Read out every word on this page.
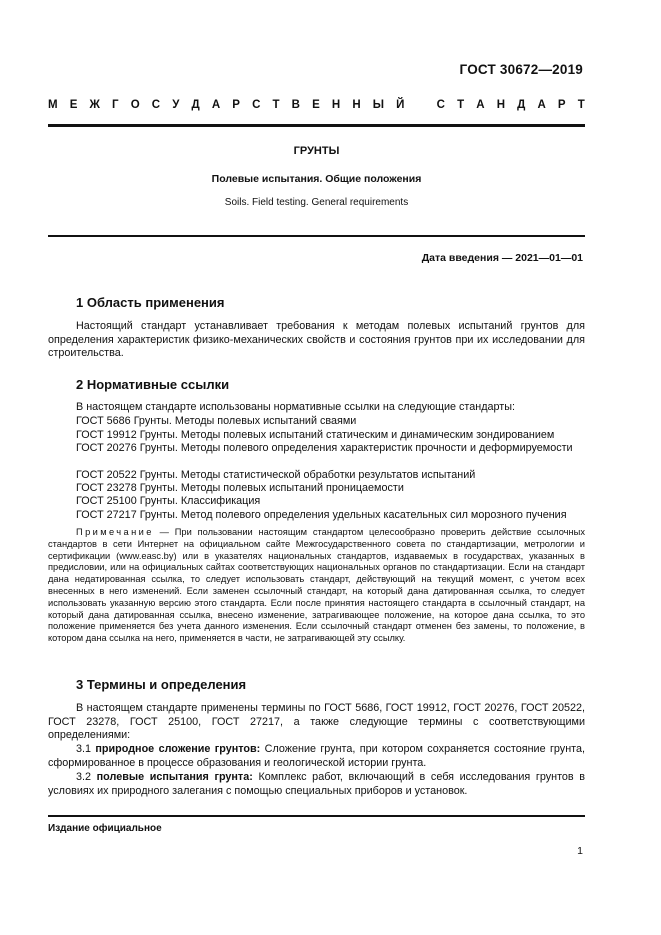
ГОСТ 30672—2019
М Е Ж Г О С У Д А Р С Т В Е Н Н Ы Й	С Т А Н Д А Р Т
ГРУНТЫ
Полевые испытания. Общие положения
Soils. Field testing. General requirements
Дата введения — 2021—01—01
1 Область применения
Настоящий стандарт устанавливает требования к методам полевых испытаний грунтов для определения характеристик физико-механических свойств и состояния грунтов при их исследовании для строительства.
2 Нормативные ссылки
В настоящем стандарте использованы нормативные ссылки на следующие стандарты:
ГОСТ 5686 Грунты. Методы полевых испытаний сваями
ГОСТ 19912 Грунты. Методы полевых испытаний статическим и динамическим зондированием
ГОСТ 20276 Грунты. Методы полевого определения характеристик прочности и деформируемости
ГОСТ 20522 Грунты. Методы статистической обработки результатов испытаний
ГОСТ 23278 Грунты. Методы полевых испытаний проницаемости
ГОСТ 25100 Грунты. Классификация
ГОСТ 27217 Грунты. Метод полевого определения удельных касательных сил морозного пучения
Примечание — При пользовании настоящим стандартом целесообразно проверить действие ссылочных стандартов в сети Интернет на официальном сайте Межгосударственного совета по стандартизации, метрологии и сертификации (www.easc.by) или в указателях национальных стандартов, издаваемых в государствах, указанных в предисловии, или на официальных сайтах соответствующих национальных органов по стандартизации. Если на стандарт дана недатированная ссылка, то следует использовать стандарт, действующий на текущий момент, с учетом всех внесенных в него изменений. Если заменен ссылочный стандарт, на который дана датированная ссылка, то следует использовать указанную версию этого стандарта. Если после принятия настоящего стандарта в ссылочный стандарт, на который дана датированная ссылка, внесено изменение, затрагивающее положение, на которое дана ссылка, то это положение применяется без учета данного изменения. Если ссылочный стандарт отменен без замены, то положение, в котором дана ссылка на него, применяется в части, не затрагивающей эту ссылку.
3 Термины и определения
В настоящем стандарте применены термины по ГОСТ 5686, ГОСТ 19912, ГОСТ 20276, ГОСТ 20522, ГОСТ 23278, ГОСТ 25100, ГОСТ 27217, а также следующие термины с соответствующими определениями:
3.1 природное сложение грунтов: Сложение грунта, при котором сохраняется состояние грунта, сформированное в процессе образования и геологической истории грунта.
3.2 полевые испытания грунта: Комплекс работ, включающий в себя исследования грунтов в условиях их природного залегания с помощью специальных приборов и установок.
Издание официальное
1
